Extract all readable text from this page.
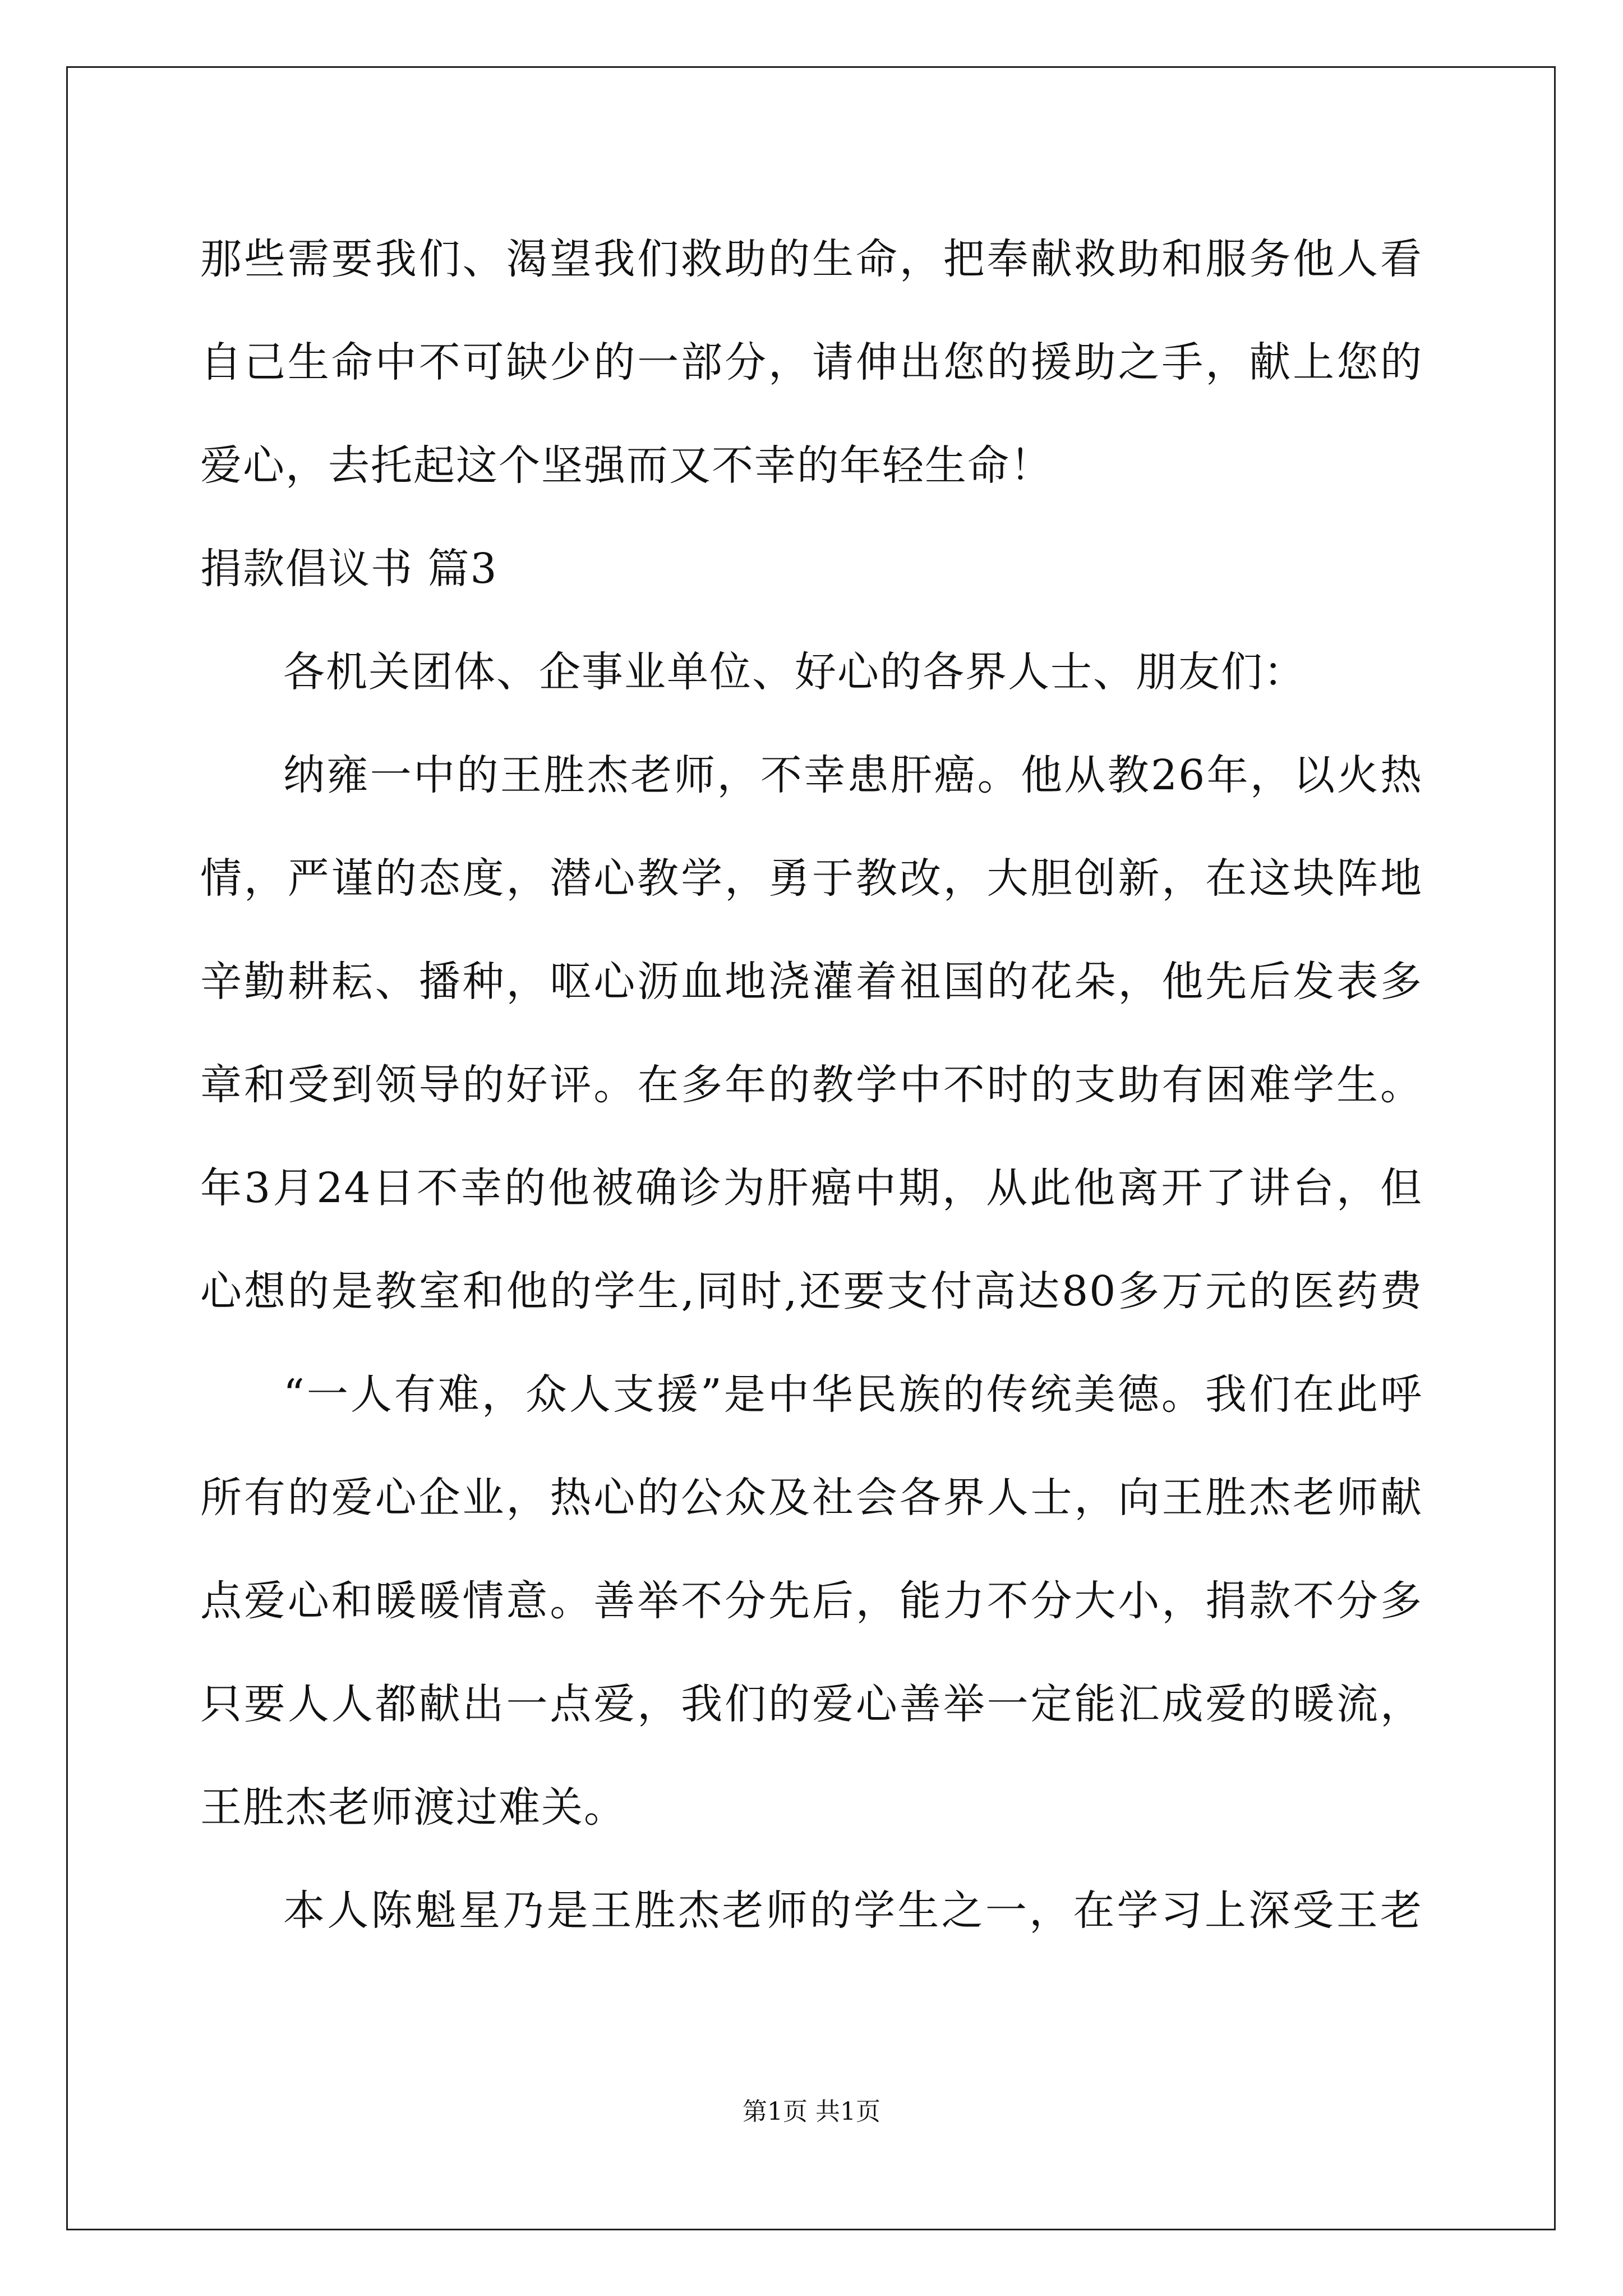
那些需要我们、渴望我们救助的生命，把奉献救助和服务他人看
自己生命中不可缺少的一部分，请伸出您的援助之手，献上您的
爱心，去托起这个坚强而又不幸的年轻生命！
捐款倡议书 篇3
各机关团体、企事业单位、好心的各界人士、朋友们：
纳雍一中的王胜杰老师，不幸患肝癌。他从教26年，以火热
情，严谨的态度，潜心教学，勇于教改，大胆创新，在这块阵地
辛勤耕耘、播种，呕心沥血地浇灌着祖国的花朵，他先后发表多
章和受到领导的好评。在多年的教学中不时的支助有困难学生。
年3月24日不幸的他被确诊为肝癌中期，从此他离开了讲台，但
心想的是教室和他的学生,同时,还要支付高达80多万元的医药费
“一人有难，众人支援”是中华民族的传统美德。我们在此呼
所有的爱心企业，热心的公众及社会各界人士，向王胜杰老师献
点爱心和暖暖情意。善举不分先后，能力不分大小，捐款不分多
只要人人都献出一点爱，我们的爱心善举一定能汇成爱的暖流，
王胜杰老师渡过难关。
本人陈魁星乃是王胜杰老师的学生之一，在学习上深受王老
第1页 共1页
